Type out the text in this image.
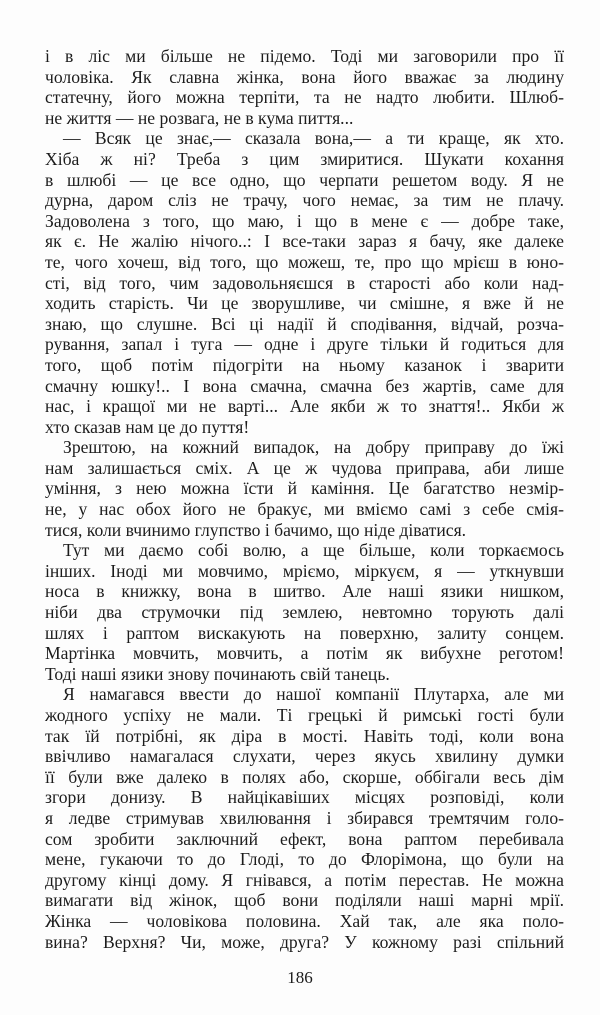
і в ліс ми більше не підемо. Тоді ми заговорили про її
чоловіка. Як славна жінка, вона його вважає за людину
статечну, його можна терпіти, та не надто любити. Шлюб-
не життя — не розвага, не в кума пиття...
— Всяк це знає,— сказала вона,— а ти краще, як хто.
Хіба ж ні? Треба з цим змиритися. Шукати кохання
в шлюбі — це все одно, що черпати решетом воду. Я не
дурна, даром сліз не трачу, чого немає, за тим не плачу.
Задоволена з того, що маю, і що в мене є — добре таке,
як є. Не жалію нічого..: І все-таки зараз я бачу, яке далеке
те, чого хочеш, від того, що можеш, те, про що мрієш в юно-
сті, від того, чим задовольняєшся в старості або коли над-
ходить старість. Чи це зворушливе, чи смішне, я вже й не
знаю, що слушне. Всі ці надії й сподівання, відчай, розча-
рування, запал і туга — одне і друге тільки й годиться для
того, щоб потім підогріти на ньому казанок і зварити
смачну юшку!.. І вона смачна, смачна без жартів, саме для
нас, і кращої ми не варті... Але якби ж то знаття!.. Якби ж
хто сказав нам це до пуття!
Зрештою, на кожний випадок, на добру приправу до їжі
нам залишається сміх. А це ж чудова приправа, аби лише
уміння, з нею можна їсти й каміння. Це багатство незмір-
не, у нас обох його не бракує, ми вміємо самі з себе смія-
тися, коли вчинимо глупство і бачимо, що ніде діватися.
Тут ми даємо собі волю, а ще більше, коли торкаємось
інших. Іноді ми мовчимо, мріємо, міркуєм, я — уткнувши
носа в книжку, вона в шитво. Але наші язики нишком,
ніби два струмочки під землею, невтомно торують далі
шлях і раптом вискакують на поверхню, залиту сонцем.
Мартінка мовчить, мовчить, а потім як вибухне реготом!
Тоді наші язики знову починають свій танець.
Я намагався ввести до нашої компанії Плутарха, але ми
жодного успіху не мали. Ті грецькі й римські гості були
так їй потрібні, як діра в мості. Навіть тоді, коли вона
ввічливо намагалася слухати, через якусь хвилину думки
її були вже далеко в полях або, скорше, оббігали весь дім
згори донизу. В найцікавіших місцях розповіді, коли
я ледве стримував хвилювання і збирався тремтячим голо-
сом зробити заключний ефект, вона раптом перебивала
мене, гукаючи то до Глоді, то до Флорімона, що були на
другому кінці дому. Я гнівався, а потім перестав. Не можна
вимагати від жінок, щоб вони поділяли наші марні мрії.
Жінка — чоловікова половина. Хай так, але яка поло-
вина? Верхня? Чи, може, друга? У кожному разі спільний
186
